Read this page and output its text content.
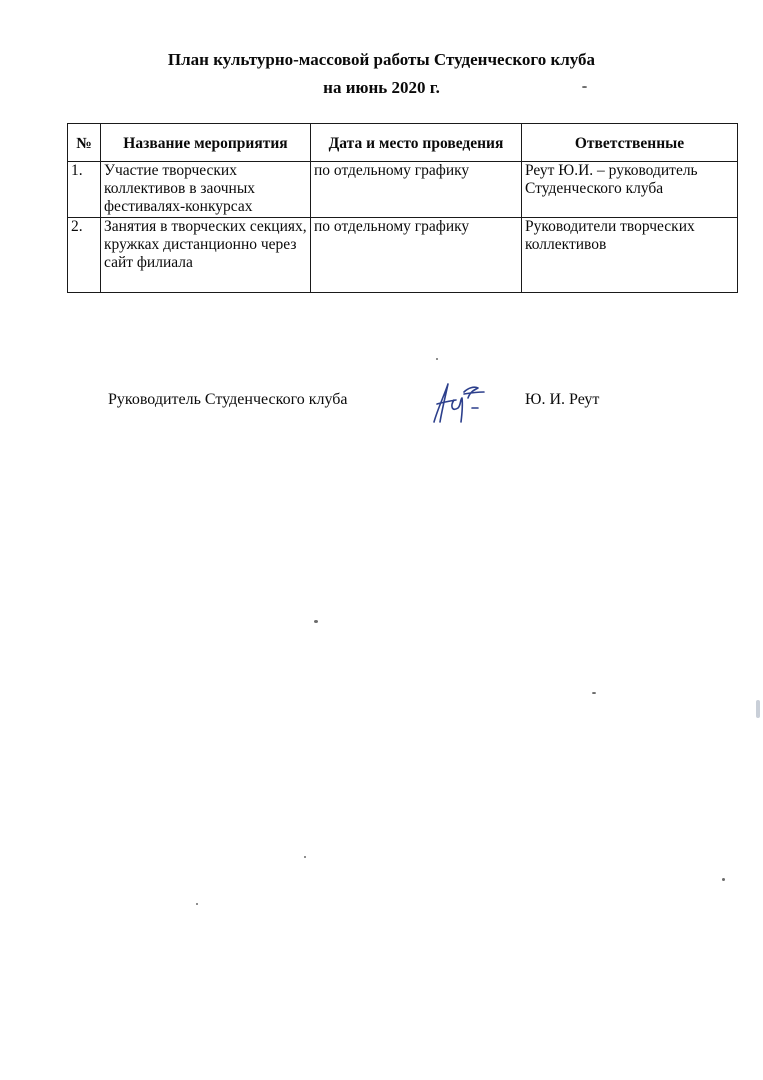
План культурно-массовой работы Студенческого клуба
на июнь 2020 г.
№	Название мероприятия	Дата и место проведения	Ответственные
1.	Участие творческих коллективов в заочных фестивалях-конкурсах	по отдельному графику	Реут Ю.И. – руководитель Студенческого клуба
2.	Занятия в творческих секциях, кружках дистанционно через сайт филиала	по отдельному графику	Руководители творческих коллективов
Руководитель Студенческого клуба	Ю. И. Реут
